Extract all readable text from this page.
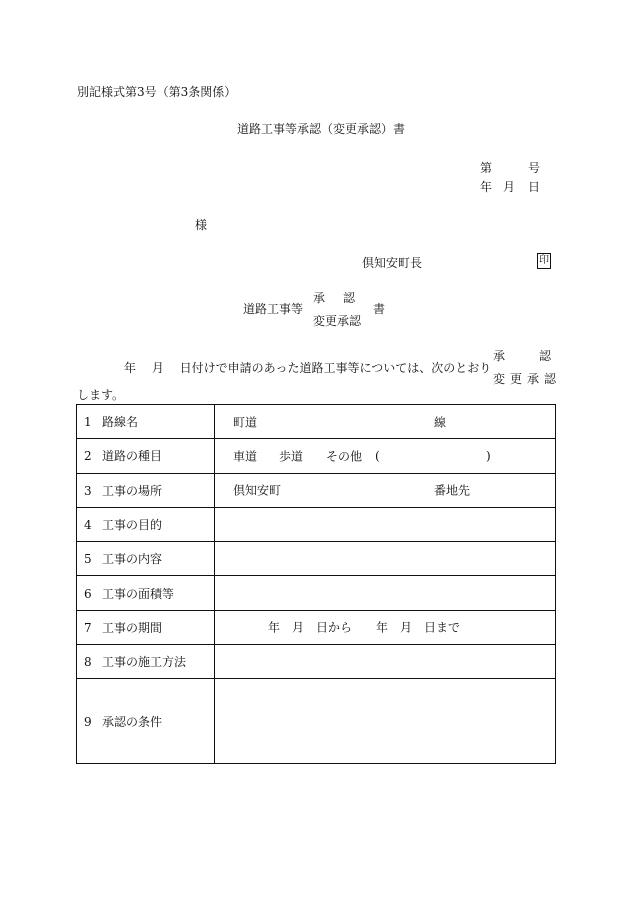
別記様式第3号（第3条関係）
道路工事等承認（変更承認）書
第	号
年 月 日
様
倶知安町長	印
道路工事等
承認
変更承認
書
年　 月　 日付けで申請のあった道路工事等については、次のとおり
承認
変更承認
します。
1 路線名	町道 線

2 道路の種目	車道 歩道 その他 ( )

3 工事の場所	倶知安町 番地先

4 工事の目的	
5 工事の内容	
6 工事の面積等	
7 工事の期間	年　月　日から 年　月　日まで

8 工事の施工方法	
9 承認の条件	
